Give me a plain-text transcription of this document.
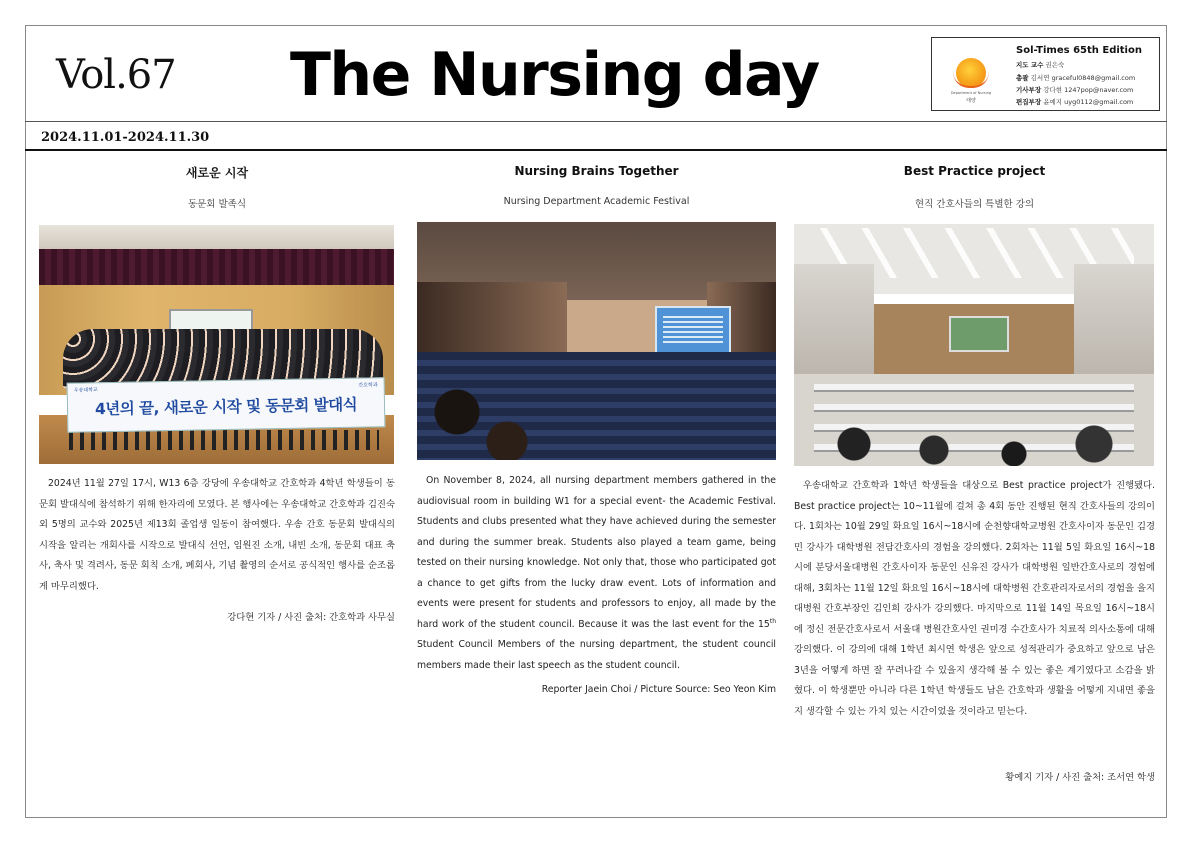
Vol.67 The Nursing day	Department of Nursing
태양
Sol-Times 65th Edition
지도 교수 권은숙
총괄 김서연 graceful0848@gmail.com
기사부장 강다현 1247pop@naver.com
편집부장 윤예지 uyg0112@gmail.com
2024.11.01-2024.11.30
새로운 시작
동문회 발족식
우송대학교
간호학과
4년의 끝, 새로운 시작 및 동문회 발대식
2024년 11월 27일 17시, W13 6층 강당에 우송대학교 간호학과 4학년 학생들이 동문회 발대식에 참석하기 위해 한자리에 모였다. 본 행사에는 우송대학교 간호학과 김진숙 외 5명의 교수와 2025년 제13회 졸업생 일동이 참여했다. 우송 간호 동문회 발대식의 시작을 알리는 개회사를 시작으로 발대식 선언, 임원진 소개, 내빈 소개, 동문회 대표 축사, 축사 및 격려사, 동문 회칙 소개, 폐회사, 기념 촬영의 순서로 공식적인 행사를 순조롭게 마무리했다.
강다현 기자 / 사진 출처: 간호학과 사무실
Nursing Brains Together
Nursing Department Academic Festival
On November 8, 2024, all nursing department members gathered in the audiovisual room in building W1 for a special event- the Academic Festival. Students and clubs presented what they have achieved during the semester and during the summer break. Students also played a team game, being tested on their nursing knowledge. Not only that, those who participated got a chance to get gifts from the lucky draw event. Lots of information and events were present for students and professors to enjoy, all made by the hard work of the student council. Because it was the last event for the 15th Student Council Members of the nursing department, the student council members made their last speech as the student council.
Reporter Jaein Choi / Picture Source: Seo Yeon Kim
Best Practice project
현직 간호사들의 특별한 강의
우송대학교 간호학과 1학년 학생들을 대상으로 Best practice project가 진행됐다. Best practice project는 10~11월에 걸쳐 총 4회 동안 진행된 현직 간호사들의 강의이다. 1회차는 10월 29일 화요일 16시~18시에 순천향대학교병원 간호사이자 동문인 김경민 강사가 대학병원 전담간호사의 경험을 강의했다. 2회차는 11월 5일 화요일 16시~18시에 분당서울대병원 간호사이자 동문인 신유진 강사가 대학병원 일반간호사로의 경험에 대해, 3회차는 11월 12일 화요일 16시~18시에 대학병원 간호관리자로서의 경험을 을지대병원 간호부장인 김인희 강사가 강의했다. 마지막으로 11월 14일 목요일 16시~18시에 정신 전문간호사로서 서울대 병원간호사인 권미경 수간호사가 치료적 의사소통에 대해 강의했다. 이 강의에 대해 1학년 최시연 학생은 앞으로 성적관리가 중요하고 앞으로 남은 3년을 어떻게 하면 잘 꾸려나갈 수 있을지 생각해 볼 수 있는 좋은 계기였다고 소감을 밝혔다. 이 학생뿐만 아니라 다른 1학년 학생들도 남은 간호학과 생활을 어떻게 지내면 좋을지 생각할 수 있는 가치 있는 시간이었을 것이라고 믿는다.
황예지 기자 / 사진 출처: 조서연 학생
